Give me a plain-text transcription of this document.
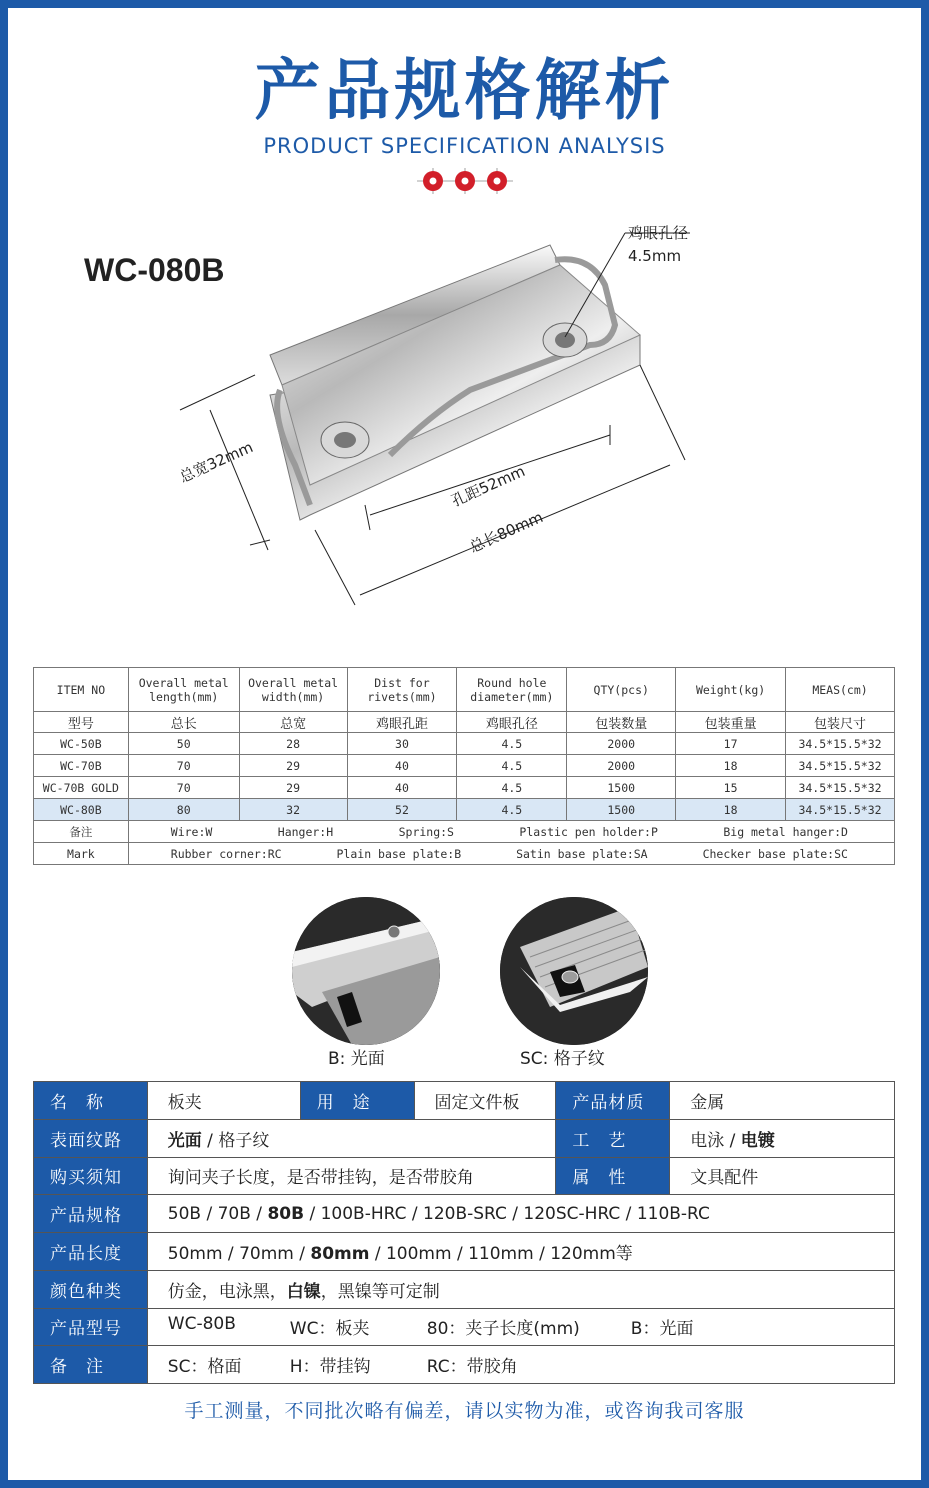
产品规格解析
PRODUCT SPECIFICATION ANALYSIS
WC-080B
鸡眼孔径
4.5mm
总宽32mm	孔距52mm
总长80mm
ITEM NO	Overall metal length(mm)	Overall metal width(mm)	Dist for rivets(mm)	Round hole diameter(mm)	QTY(pcs)	Weight(kg)	MEAS(cm)
型号	总长	总宽	鸡眼孔距	鸡眼孔径	包装数量	包装重量	包装尺寸
WC-50B	50	28	30	4.5	2000	17	34.5*15.5*32
WC-70B	70	29	40	4.5	2000	18	34.5*15.5*32
WC-70B GOLD	70	29	40	4.5	1500	15	34.5*15.5*32
WC-80B	80	32	52	4.5	1500	18	34.5*15.5*32
备注	Wire:W Hanger:H Spring:S Plastic pen holder:P Big metal hanger:D						

Mark	Rubber corner:RC Plain base plate:B Satin base plate:SA Checker base plate:SC						
B: 光面	SC: 格子纹
名　称	板夹	用　途	固定文件板	产品材质	金属
表面纹路	光面 / 格子纹			工　艺	电泳 / 电镀
购买须知	询问夹子长度，是否带挂钩，是否带胶角			属　性	文具配件
产品规格	50B / 70B / 80B / 100B-HRC / 120B-SRC / 120SC-HRC / 110B-RC				
产品长度	50mm / 70mm / 80mm / 100mm / 110mm / 120mm等				
颜色种类	仿金，电泳黑，白镍，黑镍等可定制				
产品型号	WC-80B WC：板夹 80：夹子长度(mm) B：光面				

备　注	SC：格面 H：带挂钩 RC：带胶角				
手工测量，不同批次略有偏差，请以实物为准，或咨询我司客服
